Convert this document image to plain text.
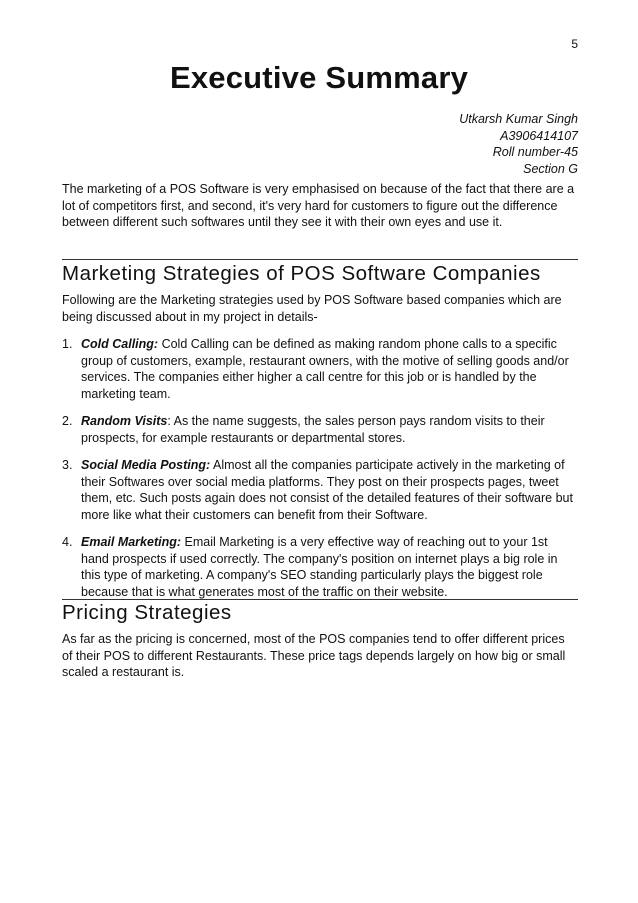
5
Executive Summary
Utkarsh Kumar Singh
A3906414107
Roll number-45
Section G

The marketing of a POS Software is very emphasised on because of the fact that there are a lot of competitors first, and second, it's very hard for customers to figure out the difference between different such softwares until they see it with their own eyes and use it.

Marketing Strategies of POS Software Companies

Following are the Marketing strategies used by POS Software based companies which are being discussed about in my project in details-

1. Cold Calling: Cold Calling can be defined as making random phone calls to a specific group of customers, example, restaurant owners, with the motive of selling goods and/or services. The companies either higher a call centre for this job or is handled by the marketing team.
2. Random Visits: As the name suggests, the sales person pays random visits to their prospects, for example restaurants or departmental stores.
3. Social Media Posting: Almost all the companies participate actively in the marketing of their Softwares over social media platforms. They post on their prospects pages, tweet them, etc. Such posts again does not consist of the detailed features of their software but more like what their customers can benefit from their Software.
4. Email Marketing: Email Marketing is a very effective way of reaching out to your 1st hand prospects if used correctly. The company's position on internet plays a big role in this type of marketing. A company's SEO standing particularly plays the biggest role because that is what generates most of the traffic on their website.
Pricing Strategies

As far as the pricing is concerned, most of the POS companies tend to offer different prices of their POS to different Restaurants. These price tags depends largely on how big or small scaled a restaurant is.
